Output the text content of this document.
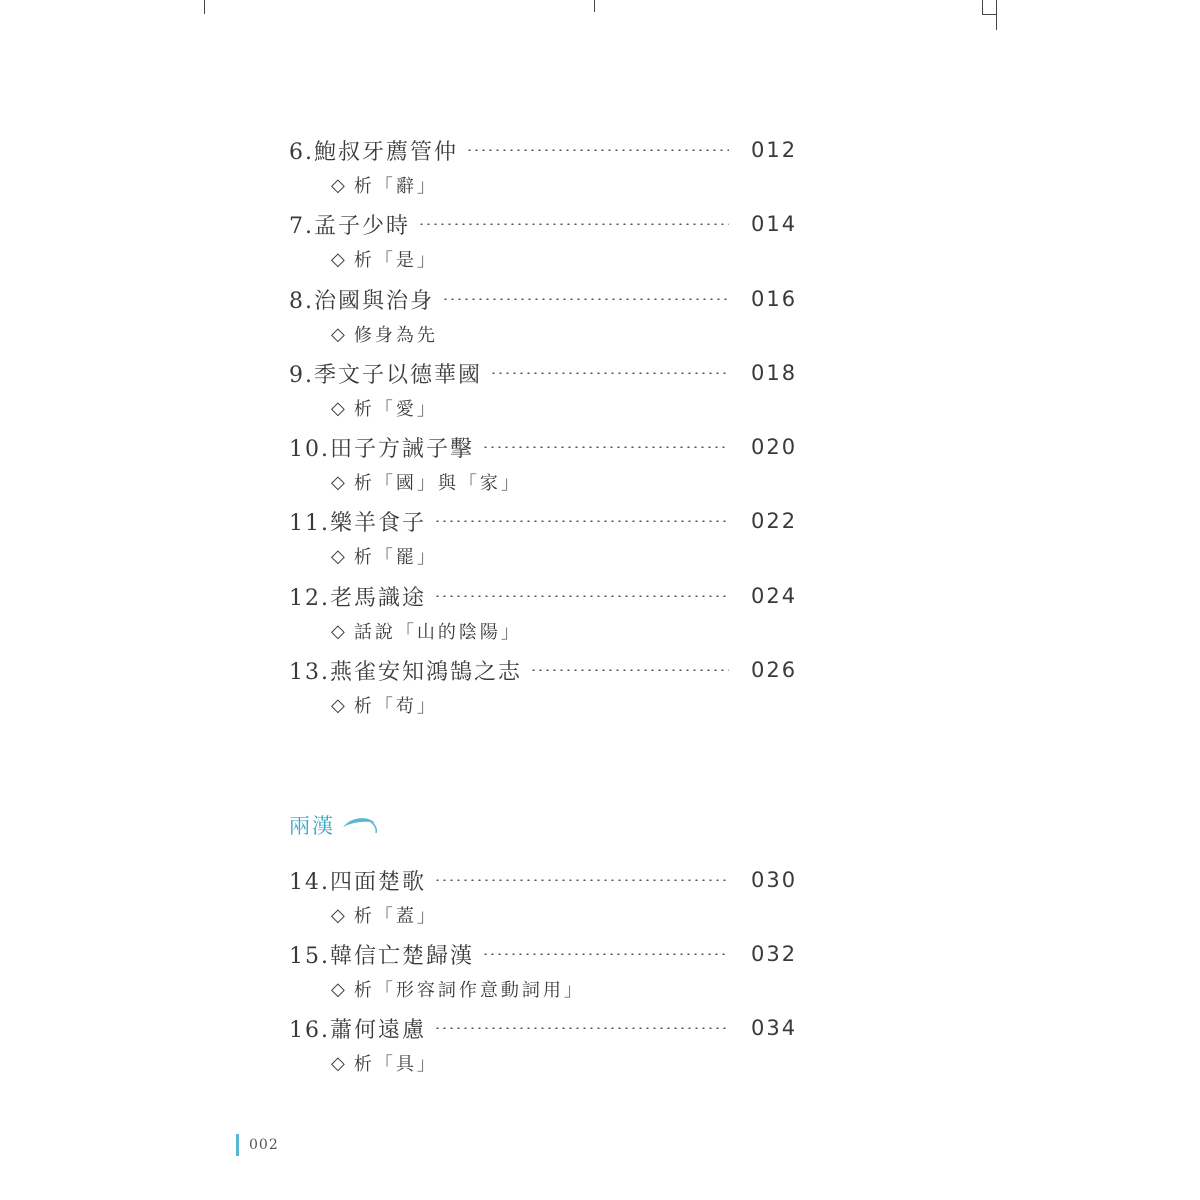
6.鮑叔牙薦管仲	012
◇ 析「辭」
7.孟子少時	014
◇ 析「是」
8.治國與治身	016
◇ 修身為先
9.季文子以德華國	018
◇ 析「愛」
10.田子方誡子擊	020
◇ 析「國」與「家」
11.樂羊食子	022
◇ 析「罷」
12.老馬識途	024
◇ 話說「山的陰陽」
13.燕雀安知鴻鵠之志	026
◇ 析「苟」
14.四面楚歌	030
◇ 析「蓋」
15.韓信亡楚歸漢	032
◇ 析「形容詞作意動詞用」
16.蕭何遠慮	034
◇ 析「具」
兩漢
002
